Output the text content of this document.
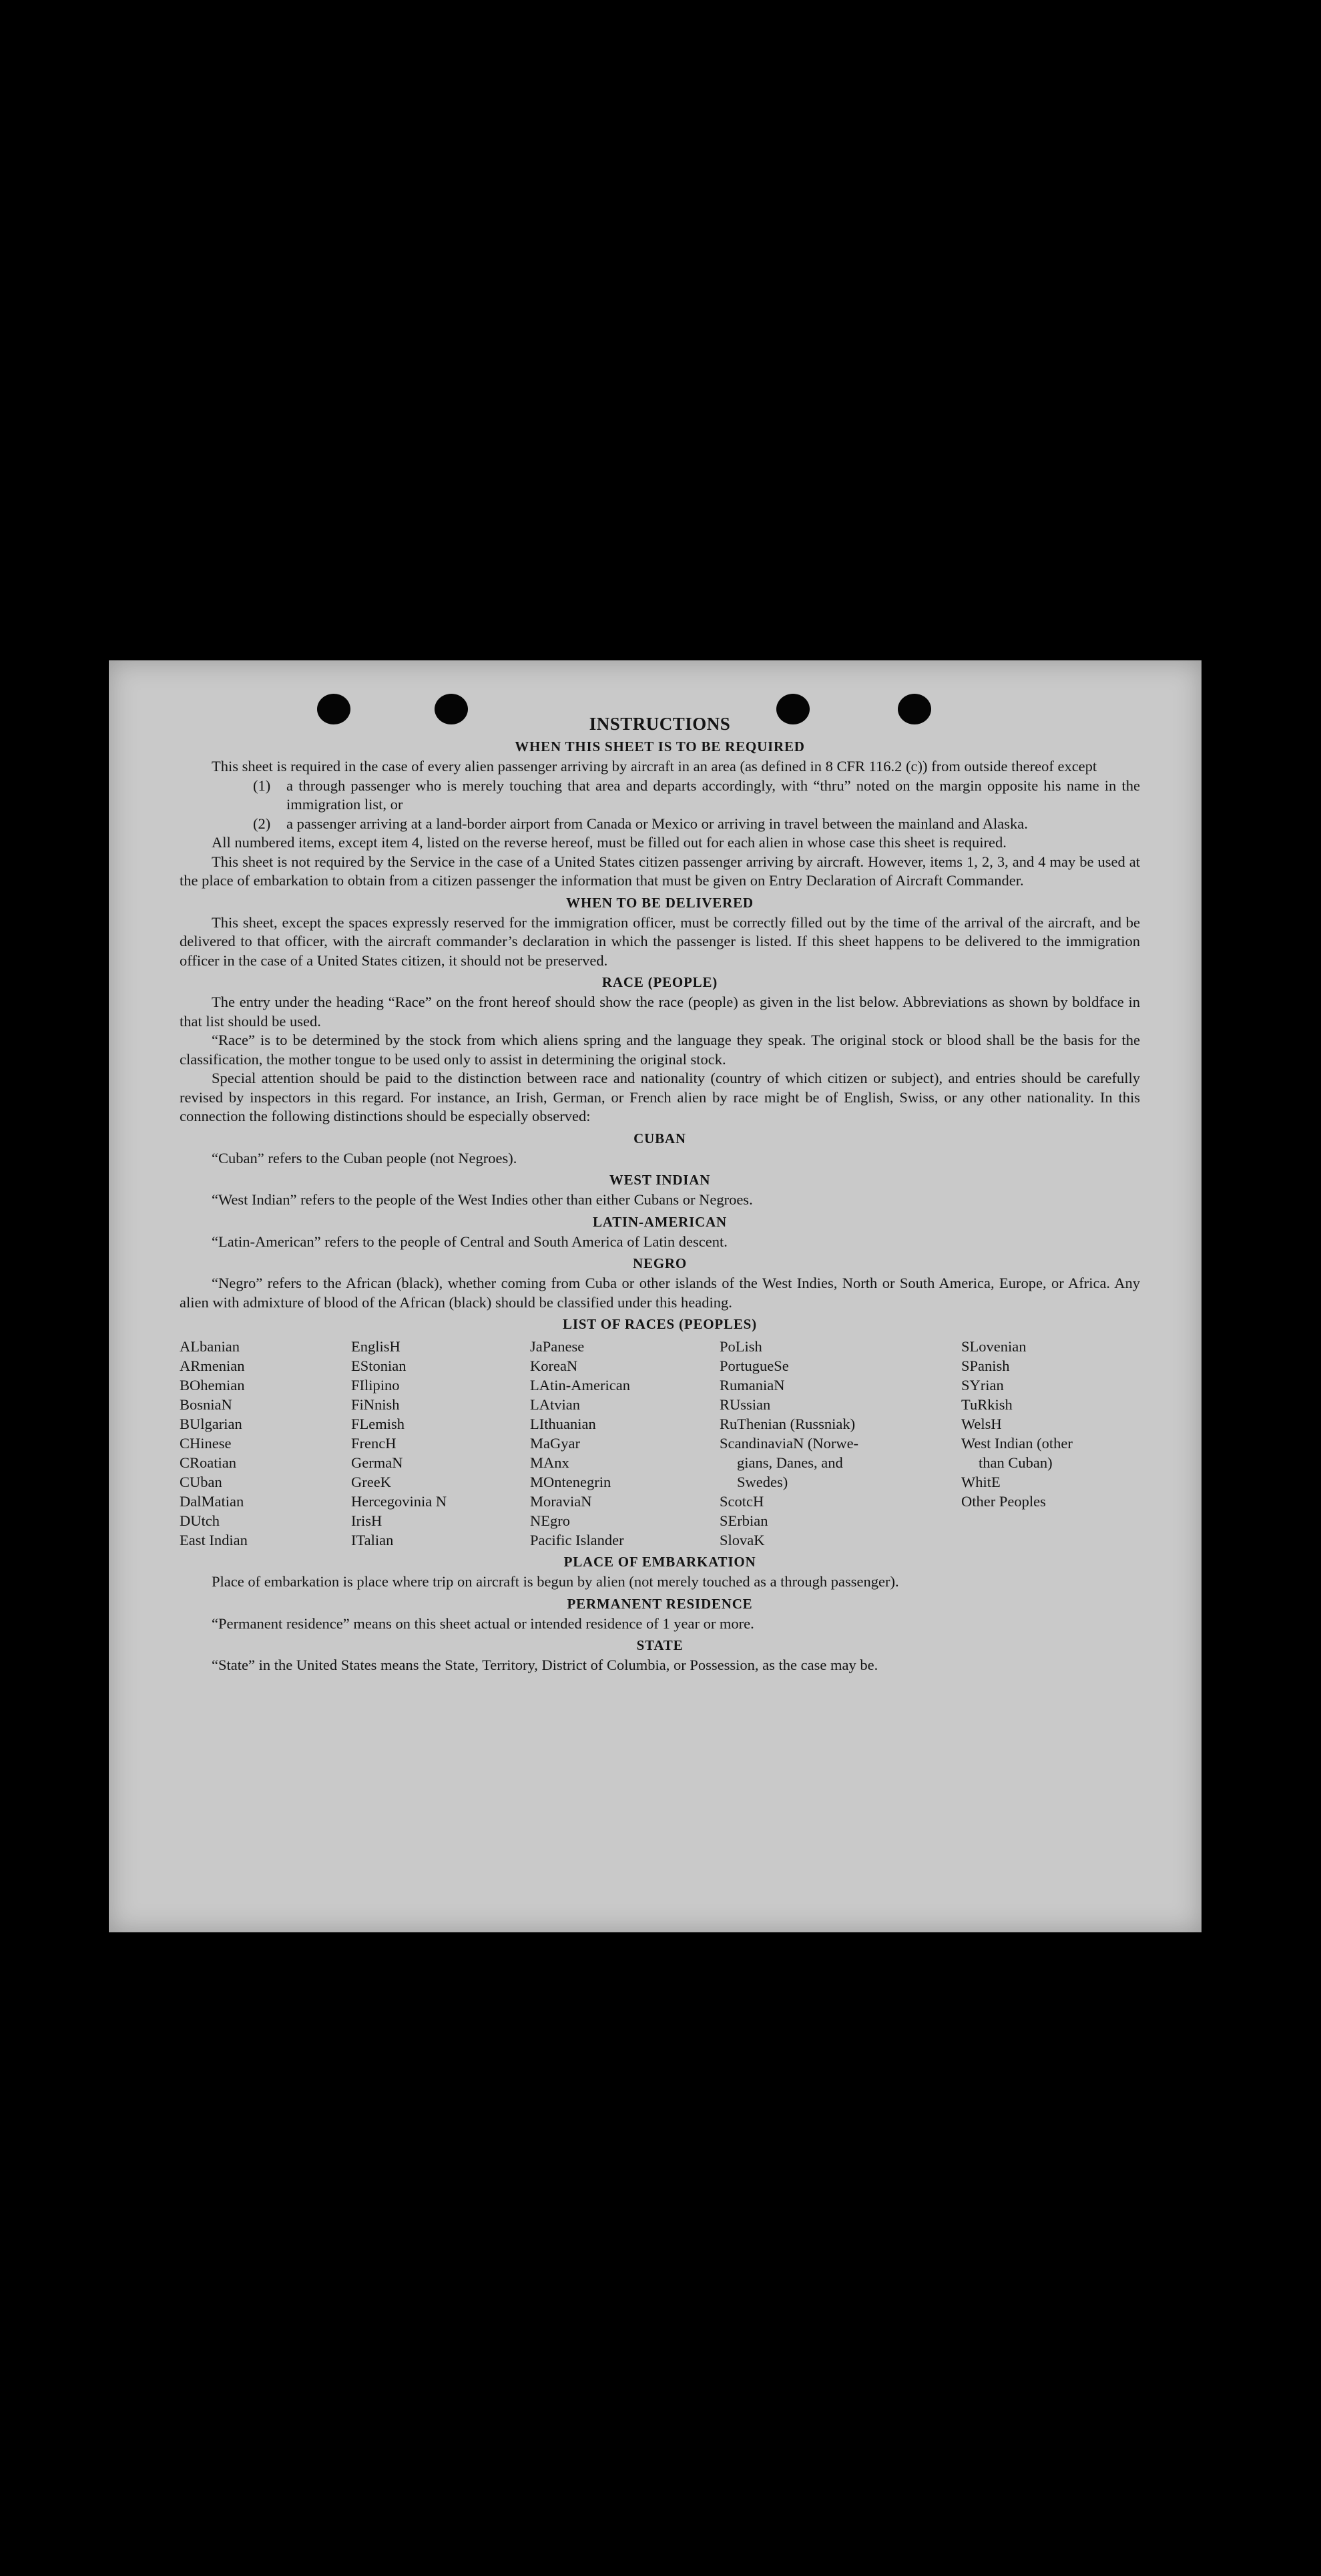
INSTRUCTIONS
WHEN THIS SHEET IS TO BE REQUIRED

This sheet is required in the case of every alien passenger arriving by aircraft in an area (as defined in 8 CFR 116.2 (c)) from outside thereof except

(1)	a through passenger who is merely touching that area and departs accordingly, with “thru” noted on the margin opposite his name in the immigration list, or
(2)	a passenger arriving at a land-border airport from Canada or Mexico or arriving in travel between the mainland and Alaska.

All numbered items, except item 4, listed on the reverse hereof, must be filled out for each alien in whose case this sheet is required.

This sheet is not required by the Service in the case of a United States citizen passenger arriving by aircraft. However, items 1, 2, 3, and 4 may be used at the place of embarkation to obtain from a citizen passenger the information that must be given on Entry Declaration of Aircraft Commander.

WHEN TO BE DELIVERED

This sheet, except the spaces expressly reserved for the immigration officer, must be correctly filled out by the time of the arrival of the aircraft, and be delivered to that officer, with the aircraft commander’s declaration in which the passenger is listed. If this sheet happens to be delivered to the immigration officer in the case of a United States citizen, it should not be preserved.

RACE (PEOPLE)

The entry under the heading “Race” on the front hereof should show the race (people) as given in the list below. Abbreviations as shown by boldface in that list should be used.

“Race” is to be determined by the stock from which aliens spring and the language they speak. The original stock or blood shall be the basis for the classification, the mother tongue to be used only to assist in determining the original stock.

Special attention should be paid to the distinction between race and nationality (country of which citizen or subject), and entries should be carefully revised by inspectors in this regard. For instance, an Irish, German, or French alien by race might be of English, Swiss, or any other nationality. In this connection the following distinctions should be especially observed:

CUBAN

“Cuban” refers to the Cuban people (not Negroes).

WEST INDIAN

“West Indian” refers to the people of the West Indies other than either Cubans or Negroes.

LATIN-AMERICAN

“Latin-American” refers to the people of Central and South America of Latin descent.

NEGRO

“Negro” refers to the African (black), whether coming from Cuba or other islands of the West Indies, North or South America, Europe, or Africa. Any alien with admixture of blood of the African (black) should be classified under this heading.

LIST OF RACES (PEOPLES)
ALbanian
ARmenian
BOhemian
BosniaN
BUlgarian
CHinese
CRoatian
CUban
DalMatian
DUtch
East Indian
EnglisH
EStonian
FIlipino
FiNnish
FLemish
FrencH
GermaN
GreeK
Hercegovinia N
IrisH
ITalian
JaPanese
KoreaN
LAtin-American
LAtvian
LIthuanian
MaGyar
MAnx
MOntenegrin
MoraviaN
NEgro
Pacific Islander
PoLish
PortugueSe
RumaniaN
RUssian
RuThenian (Russniak)
ScandinaviaN (Norwe-
gians, Danes, and
Swedes)
ScotcH
SErbian
SlovaK
SLovenian
SPanish
SYrian
TuRkish
WelsH
West Indian (other
than Cuban)
WhitE
Other Peoples
PLACE OF EMBARKATION

Place of embarkation is place where trip on aircraft is begun by alien (not merely touched as a through passenger).

PERMANENT RESIDENCE

“Permanent residence” means on this sheet actual or intended residence of 1 year or more.

STATE

“State” in the United States means the State, Territory, District of Columbia, or Possession, as the case may be.
